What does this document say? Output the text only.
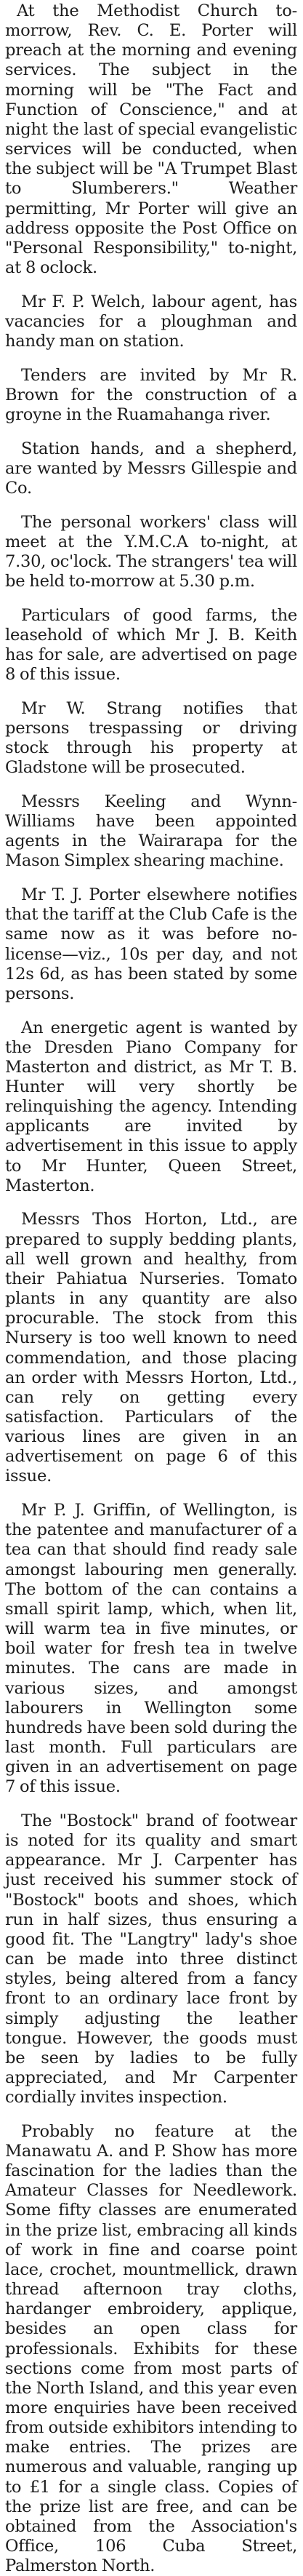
At the Methodist Church to-morrow, Rev. C. E. Porter will preach at the morning and evening services. The subject in the morning will be "The Fact and Function of Conscience," and at night the last of special evangelistic services will be conducted, when the subject will be "A Trumpet Blast to Slumberers." Weather permitting, Mr Porter will give an address opposite the Post Office on "Personal Responsibility," to-night, at 8 oclock.

Mr F. P. Welch, labour agent, has vacancies for a ploughman and handy man on station.

Tenders are invited by Mr R. Brown for the construction of a groyne in the Ruamahanga river.

Station hands, and a shepherd, are wanted by Messrs Gillespie and Co.

The personal workers' class will meet at the Y.M.C.A to-night, at 7.30, oc'lock. The strangers' tea will be held to-morrow at 5.30 p.m.

Particulars of good farms, the leasehold of which Mr J. B. Keith has for sale, are advertised on page 8 of this issue.

Mr W. Strang notifies that persons trespassing or driving stock through his property at Gladstone will be prosecuted.

Messrs Keeling and Wynn-Williams have been appointed agents in the Wairarapa for the Mason Simplex shearing machine.

Mr T. J. Porter elsewhere notifies that the tariff at the Club Cafe is the same now as it was before no-license—viz., 10s per day, and not 12s 6d, as has been stated by some persons.

An energetic agent is wanted by the Dresden Piano Company for Masterton and district, as Mr T. B. Hunter will very shortly be relinquishing the agency. Intending applicants are invited by advertisement in this issue to apply to Mr Hunter, Queen Street, Masterton.

Messrs Thos Horton, Ltd., are prepared to supply bedding plants, all well grown and healthy, from their Pahiatua Nurseries. Tomato plants in any quantity are also procurable. The stock from this Nursery is too well known to need commendation, and those placing an order with Messrs Horton, Ltd., can rely on getting every satisfaction. Particulars of the various lines are given in an advertisement on page 6 of this issue.

Mr P. J. Griffin, of Wellington, is the patentee and manufacturer of a tea can that should find ready sale amongst labouring men generally. The bottom of the can contains a small spirit lamp, which, when lit, will warm tea in five minutes, or boil water for fresh tea in twelve minutes. The cans are made in various sizes, and amongst labourers in Wellington some hundreds have been sold during the last month. Full particulars are given in an advertisement on page 7 of this issue.

The "Bostock" brand of footwear is noted for its quality and smart appearance. Mr J. Carpenter has just received his summer stock of "Bostock" boots and shoes, which run in half sizes, thus ensuring a good fit. The "Langtry" lady's shoe can be made into three distinct styles, being altered from a fancy front to an ordinary lace front by simply adjusting the leather tongue. However, the goods must be seen by ladies to be fully appreciated, and Mr Carpenter cordially invites inspection.

Probably no feature at the Manawatu A. and P. Show has more fascination for the ladies than the Amateur Classes for Needlework. Some fifty classes are enumerated in the prize list, embracing all kinds of work in fine and coarse point lace, crochet, mountmellick, drawn thread afternoon tray cloths, hardanger embroidery, applique, besides an open class for professionals. Exhibits for these sections come from most parts of the North Island, and this year even more enquiries have been received from outside exhibitors intending to make entries. The prizes are numerous and valuable, ranging up to £1 for a single class. Copies of the prize list are free, and can be obtained from the Association's Office, 106 Cuba Street, Palmerston North.
